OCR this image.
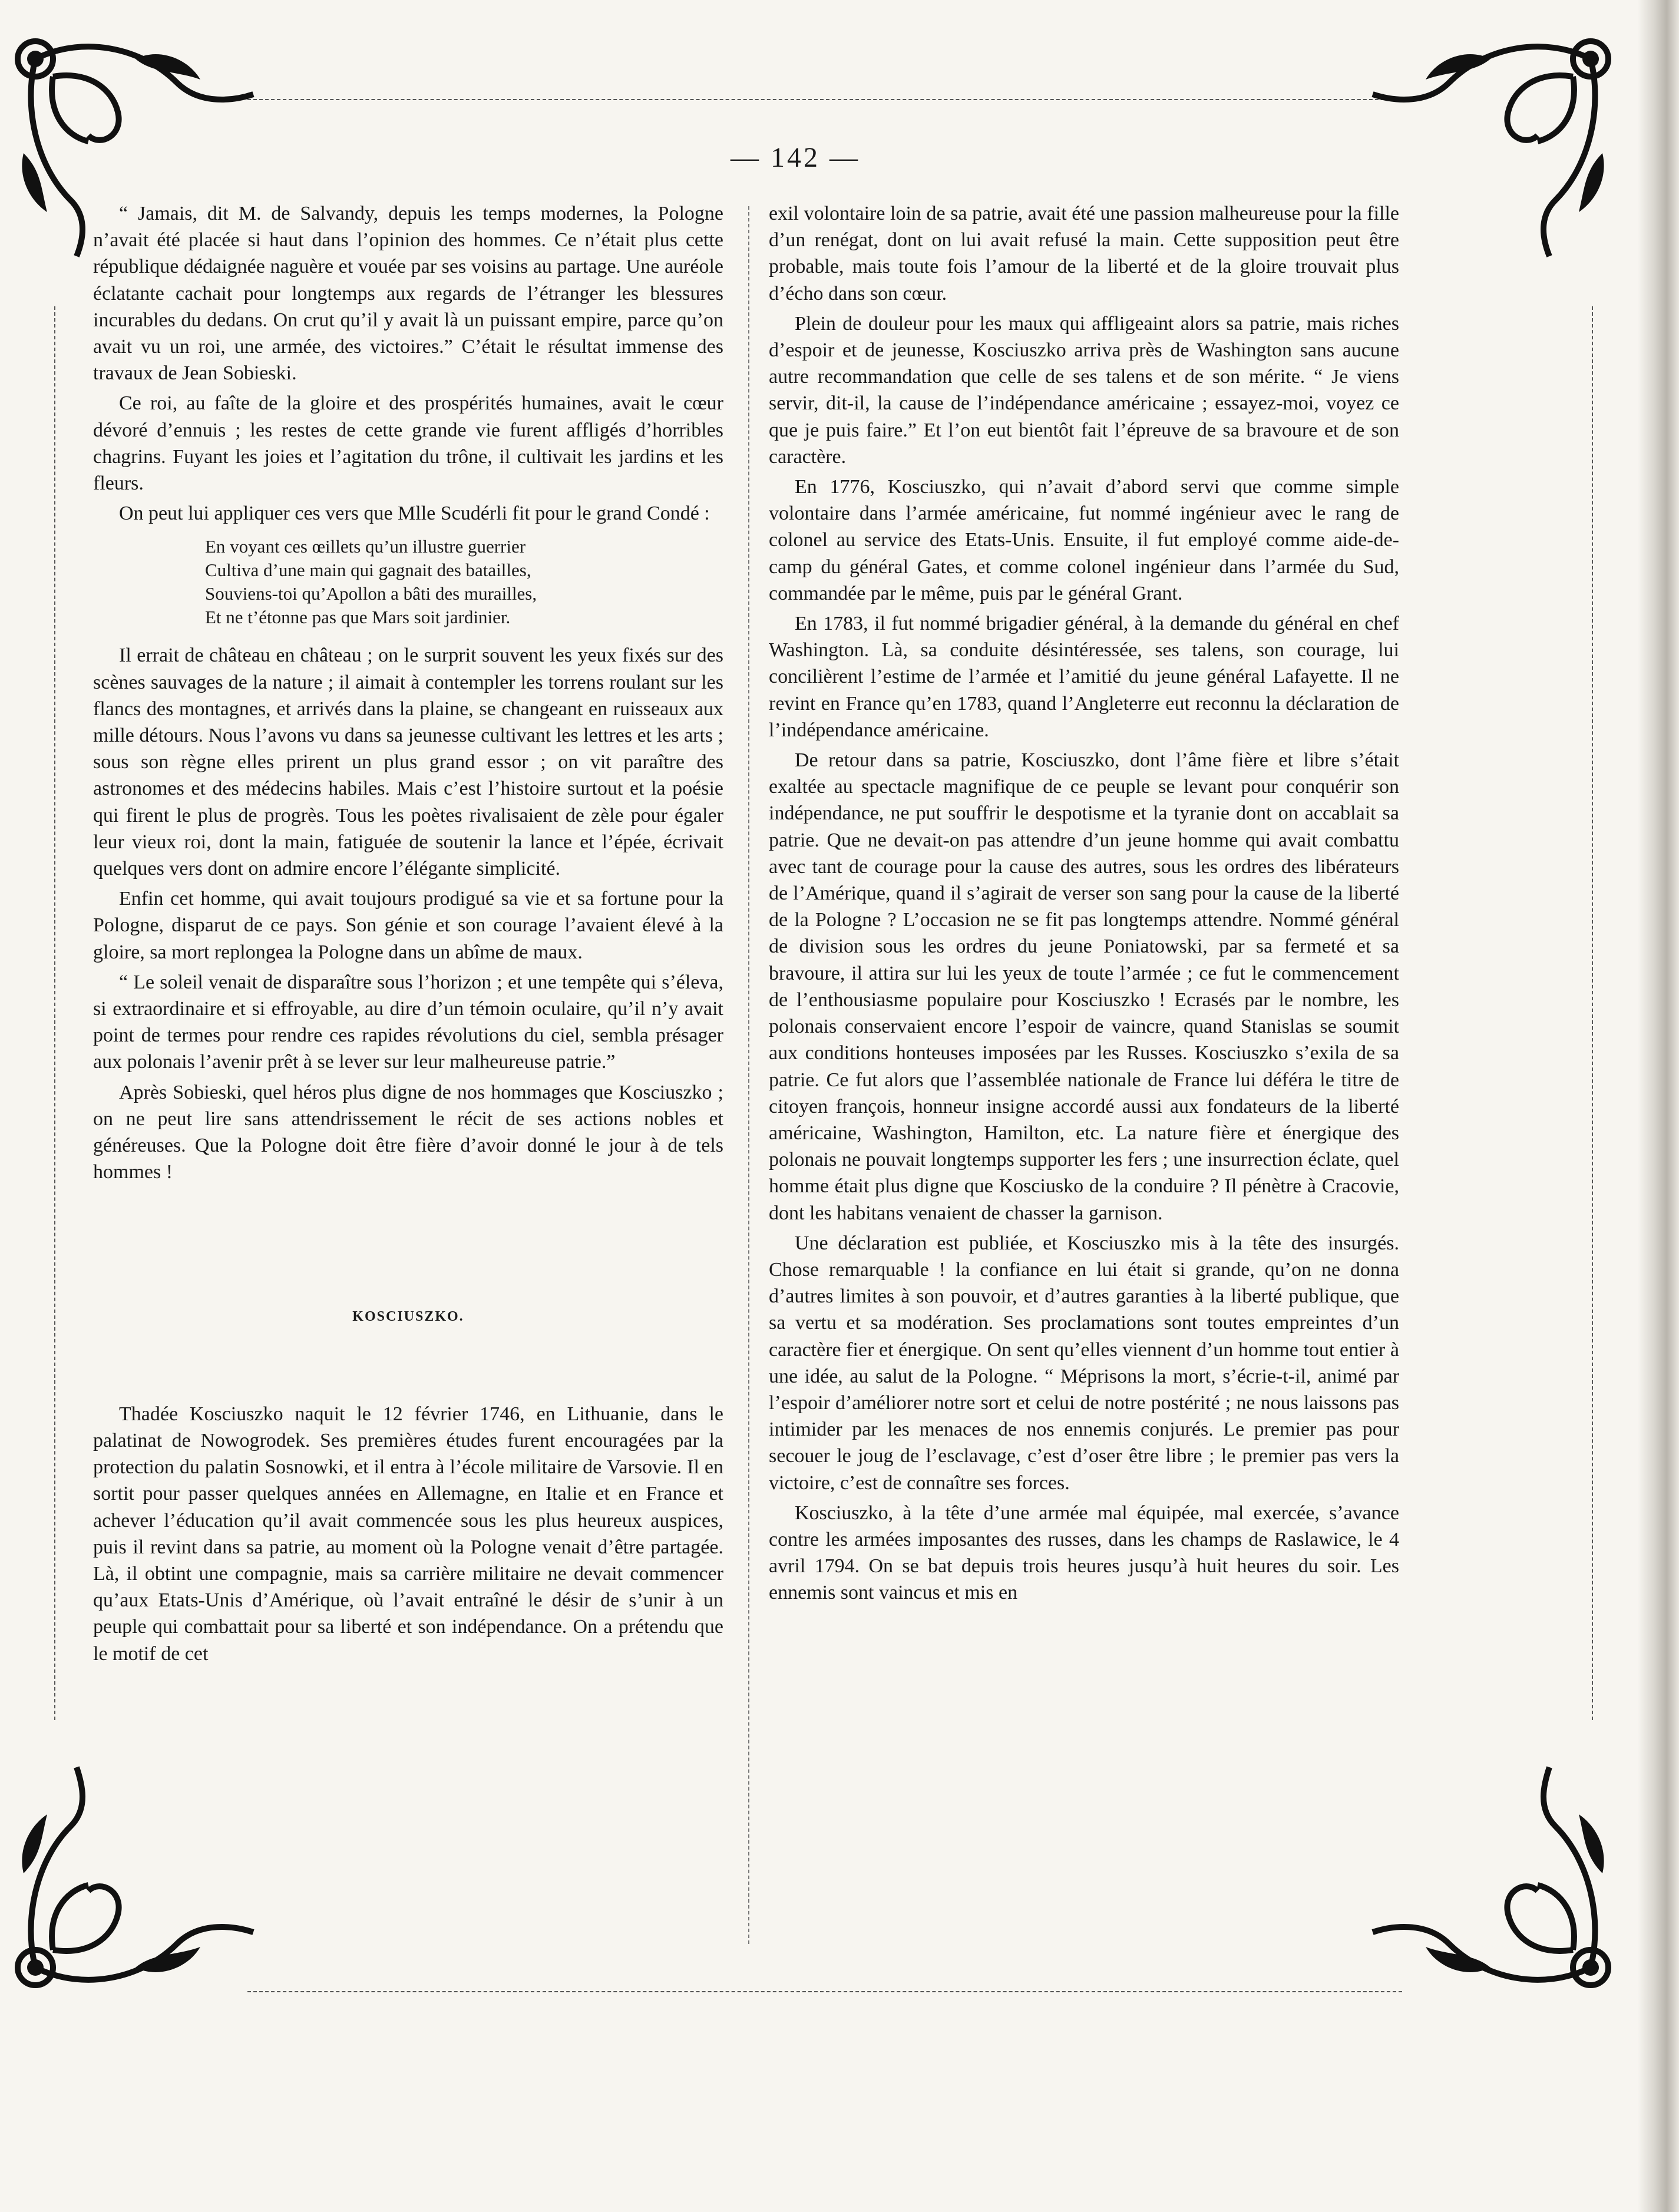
— 142 —

“ Jamais, dit M. de Salvandy, depuis les temps modernes, la Pologne n’avait été placée si haut dans l’opinion des hommes. Ce n’était plus cette république dédaignée naguère et vouée par ses voisins au partage. Une auréole éclatante cachait pour longtemps aux regards de l’étranger les blessures incurables du dedans. On crut qu’il y avait là un puissant empire, parce qu’on avait vu un roi, une armée, des victoires.” C’était le résultat immense des travaux de Jean Sobieski.

Ce roi, au faîte de la gloire et des prospérités humaines, avait le cœur dévoré d’ennuis ; les restes de cette grande vie furent affligés d’horribles chagrins. Fuyant les joies et l’agitation du trône, il cultivait les jardins et les fleurs.

On peut lui appliquer ces vers que Mlle Scudérli fit pour le grand Condé :

En voyant ces œillets qu’un illustre guerrier
Cultiva d’une main qui gagnait des batailles,
Souviens-toi qu’Apollon a bâti des murailles,
Et ne t’étonne pas que Mars soit jardinier.

Il errait de château en château ; on le surprit souvent les yeux fixés sur des scènes sauvages de la nature ; il aimait à contempler les torrens roulant sur les flancs des montagnes, et arrivés dans la plaine, se changeant en ruisseaux aux mille détours. Nous l’avons vu dans sa jeunesse cultivant les lettres et les arts ; sous son règne elles prirent un plus grand essor ; on vit paraître des astronomes et des médecins habiles. Mais c’est l’histoire surtout et la poésie qui firent le plus de progrès. Tous les poètes rivalisaient de zèle pour égaler leur vieux roi, dont la main, fatiguée de soutenir la lance et l’épée, écrivait quelques vers dont on admire encore l’élégante simplicité.

Enfin cet homme, qui avait toujours prodigué sa vie et sa fortune pour la Pologne, disparut de ce pays. Son génie et son courage l’avaient élevé à la gloire, sa mort replongea la Pologne dans un abîme de maux.

“ Le soleil venait de disparaître sous l’horizon ; et une tempête qui s’éleva, si extraordinaire et si effroyable, au dire d’un témoin oculaire, qu’il n’y avait point de termes pour rendre ces rapides révolutions du ciel, sembla présager aux polonais l’avenir prêt à se lever sur leur malheureuse patrie.”

Après Sobieski, quel héros plus digne de nos hommages que Kosciuszko ; on ne peut lire sans attendrissement le récit de ses actions nobles et généreuses. Que la Pologne doit être fière d’avoir donné le jour à de tels hommes !

KOSCIUSZKO.

Thadée Kosciuszko naquit le 12 février 1746, en Lithuanie, dans le palatinat de Nowogrodek. Ses premières études furent encouragées par la protection du palatin Sosnowki, et il entra à l’école militaire de Varsovie. Il en sortit pour passer quelques années en Allemagne, en Italie et en France et achever l’éducation qu’il avait commencée sous les plus heureux auspices, puis il revint dans sa patrie, au moment où la Pologne venait d’être partagée. Là, il obtint une compagnie, mais sa carrière militaire ne devait commencer qu’aux Etats-Unis d’Amérique, où l’avait entraîné le désir de s’unir à un peuple qui combattait pour sa liberté et son indépendance. On a prétendu que le motif de cet

exil volontaire loin de sa patrie, avait été une passion malheureuse pour la fille d’un renégat, dont on lui avait refusé la main. Cette supposition peut être probable, mais toute fois l’amour de la liberté et de la gloire trouvait plus d’écho dans son cœur.

Plein de douleur pour les maux qui affligeaint alors sa patrie, mais riches d’espoir et de jeunesse, Kosciuszko arriva près de Washington sans aucune autre recommandation que celle de ses talens et de son mérite. “ Je viens servir, dit-il, la cause de l’indépendance américaine ; essayez-moi, voyez ce que je puis faire.” Et l’on eut bientôt fait l’épreuve de sa bravoure et de son caractère.

En 1776, Kosciuszko, qui n’avait d’abord servi que comme simple volontaire dans l’armée américaine, fut nommé ingénieur avec le rang de colonel au service des Etats-Unis. Ensuite, il fut employé comme aide-de-camp du général Gates, et comme colonel ingénieur dans l’armée du Sud, commandée par le même, puis par le général Grant.

En 1783, il fut nommé brigadier général, à la demande du général en chef Washington. Là, sa conduite désintéressée, ses talens, son courage, lui concilièrent l’estime de l’armée et l’amitié du jeune général Lafayette. Il ne revint en France qu’en 1783, quand l’Angleterre eut reconnu la déclaration de l’indépendance américaine.

De retour dans sa patrie, Kosciuszko, dont l’âme fière et libre s’était exaltée au spectacle magnifique de ce peuple se levant pour conquérir son indépendance, ne put souffrir le despotisme et la tyranie dont on accablait sa patrie. Que ne devait-on pas attendre d’un jeune homme qui avait combattu avec tant de courage pour la cause des autres, sous les ordres des libérateurs de l’Amérique, quand il s’agirait de verser son sang pour la cause de la liberté de la Pologne ? L’occasion ne se fit pas longtemps attendre. Nommé général de division sous les ordres du jeune Poniatowski, par sa fermeté et sa bravoure, il attira sur lui les yeux de toute l’armée ; ce fut le commencement de l’enthousiasme populaire pour Kosciuszko ! Ecrasés par le nombre, les polonais conservaient encore l’espoir de vaincre, quand Stanislas se soumit aux conditions honteuses imposées par les Russes. Kosciuszko s’exila de sa patrie. Ce fut alors que l’assemblée nationale de France lui déféra le titre de citoyen françois, honneur insigne accordé aussi aux fondateurs de la liberté américaine, Washington, Hamilton, etc. La nature fière et énergique des polonais ne pouvait longtemps supporter les fers ; une insurrection éclate, quel homme était plus digne que Kosciusko de la conduire ? Il pénètre à Cracovie, dont les habitans venaient de chasser la garnison.

Une déclaration est publiée, et Kosciuszko mis à la tête des insurgés. Chose remarquable ! la confiance en lui était si grande, qu’on ne donna d’autres limites à son pouvoir, et d’autres garanties à la liberté publique, que sa vertu et sa modération. Ses proclamations sont toutes empreintes d’un caractère fier et énergique. On sent qu’elles viennent d’un homme tout entier à une idée, au salut de la Pologne. “ Méprisons la mort, s’écrie-t-il, animé par l’espoir d’améliorer notre sort et celui de notre postérité ; ne nous laissons pas intimider par les menaces de nos ennemis conjurés. Le premier pas pour secouer le joug de l’esclavage, c’est d’oser être libre ; le premier pas vers la victoire, c’est de connaître ses forces.

Kosciuszko, à la tête d’une armée mal équipée, mal exercée, s’avance contre les armées imposantes des russes, dans les champs de Raslawice, le 4 avril 1794. On se bat depuis trois heures jusqu’à huit heures du soir. Les ennemis sont vaincus et mis en
